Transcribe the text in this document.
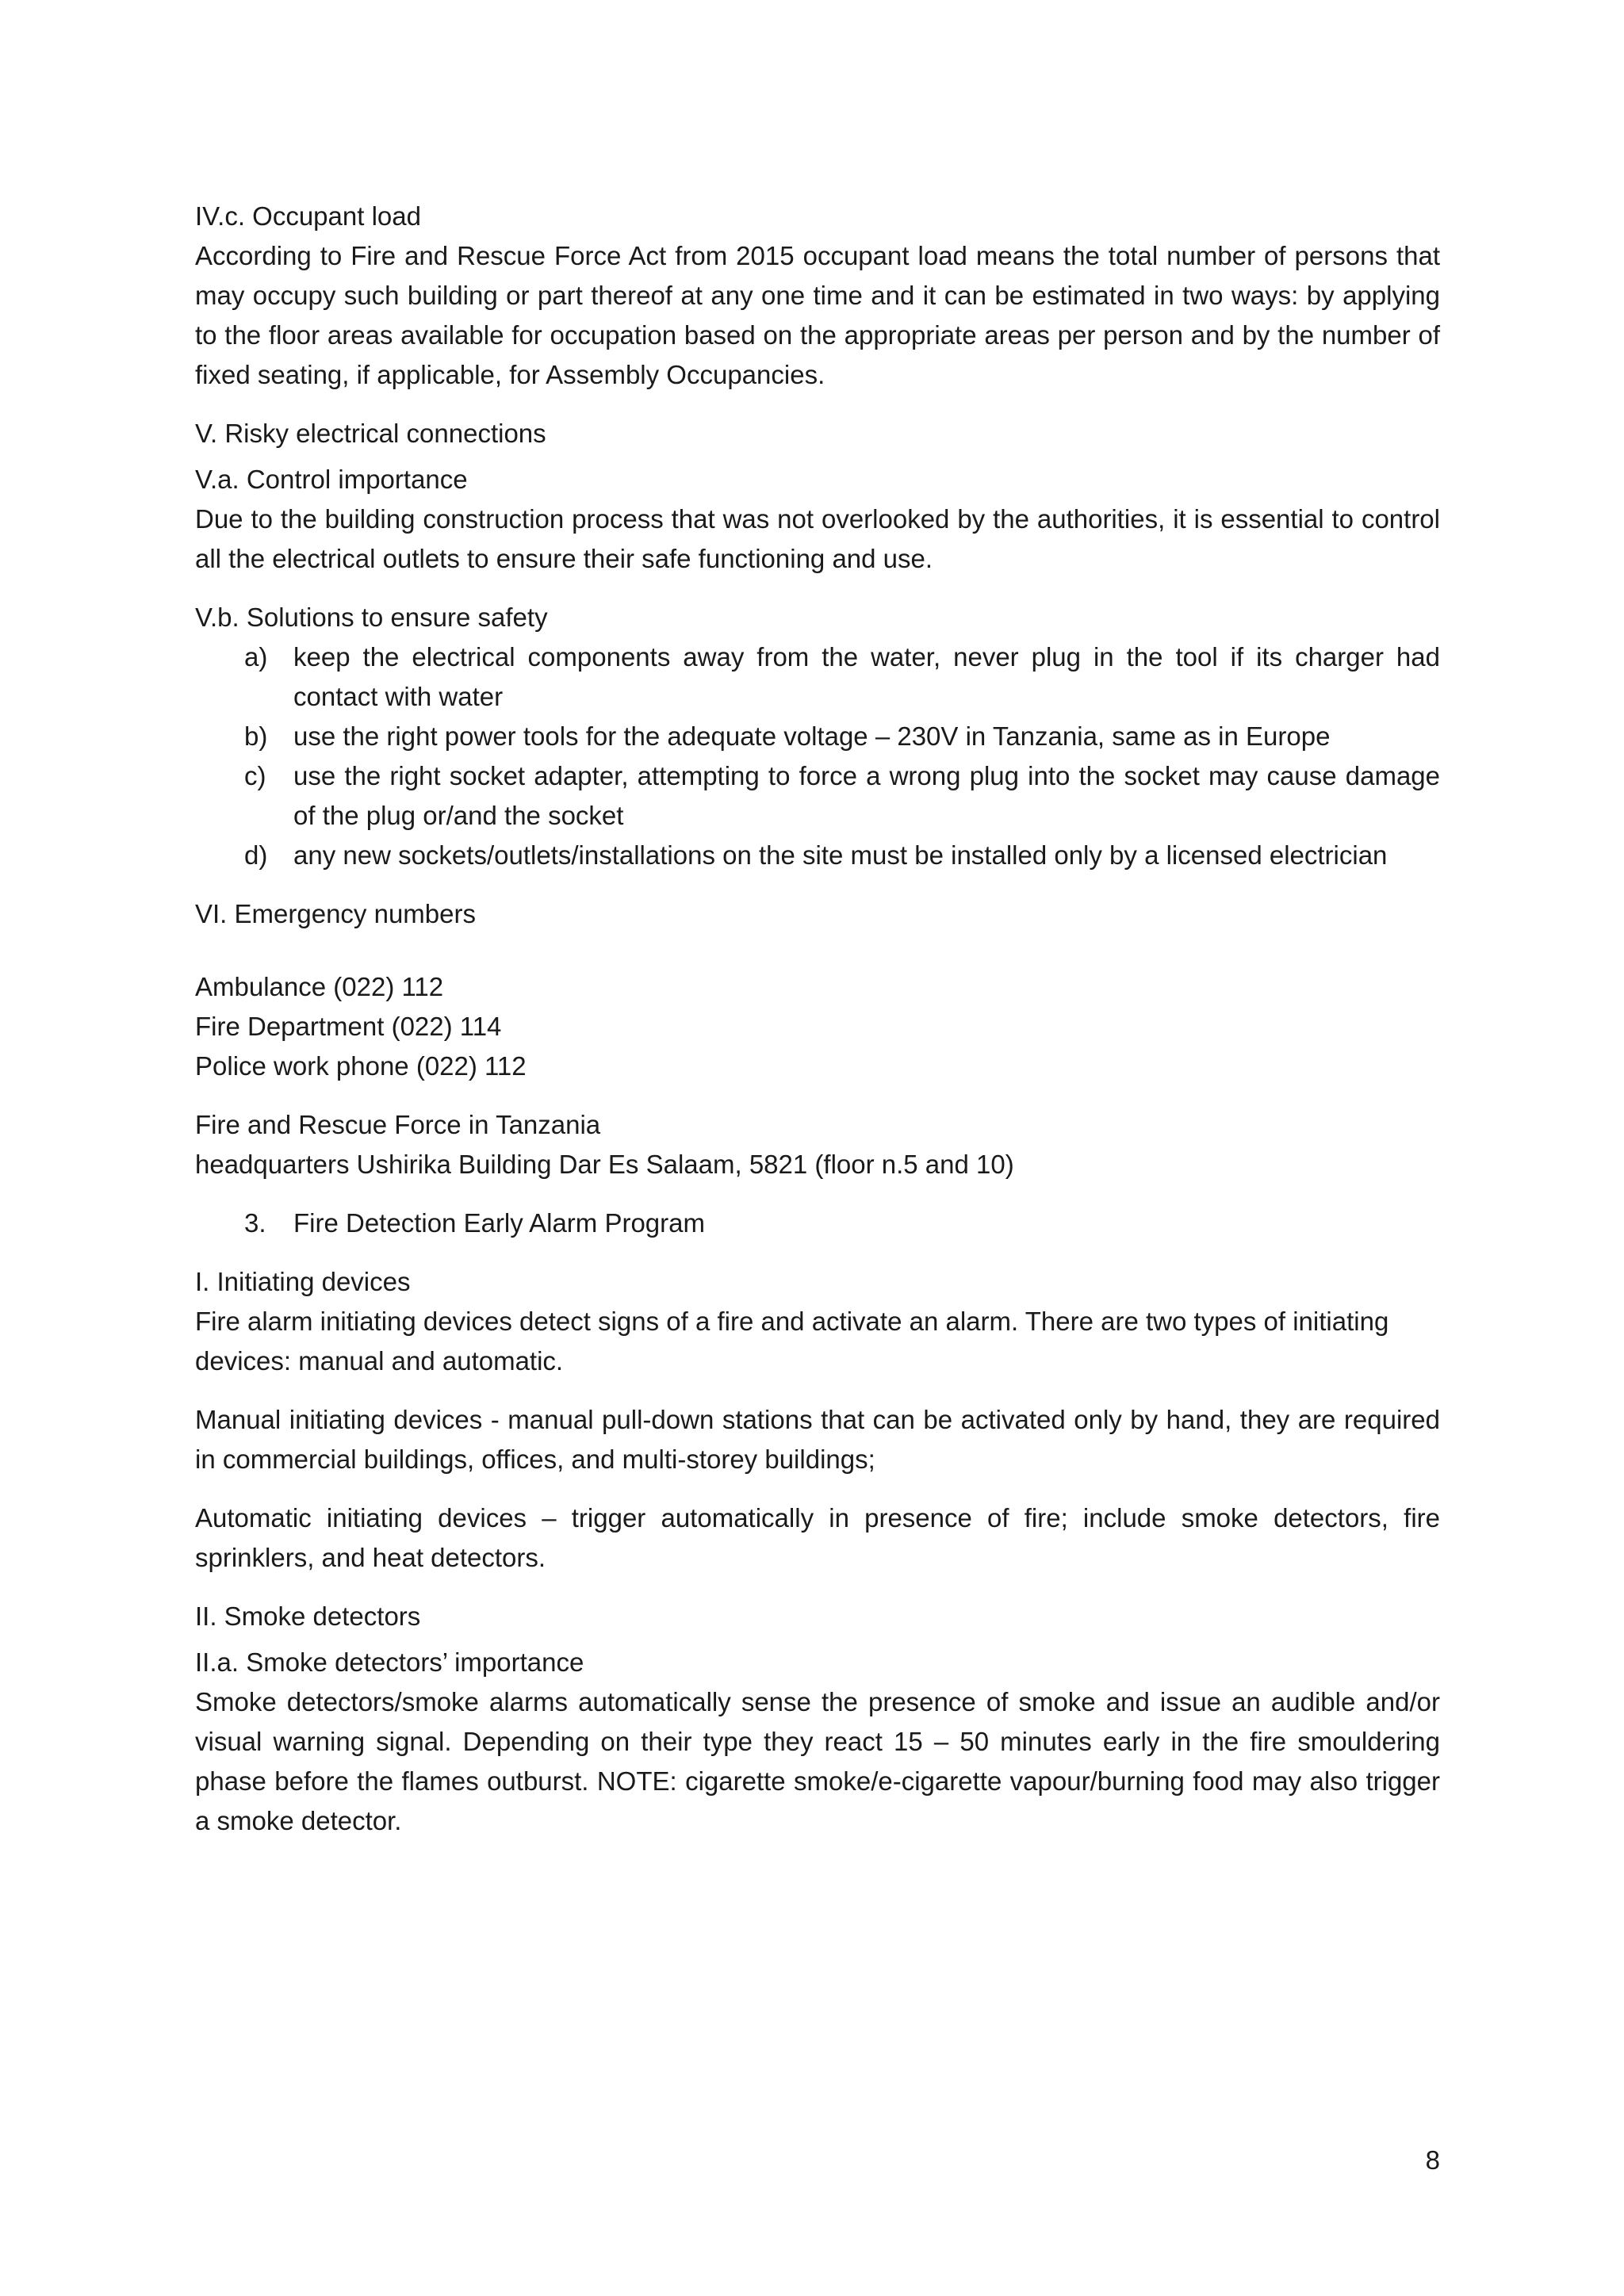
IV.c. Occupant load

According to Fire and Rescue Force Act from 2015 occupant load means the total number of persons that may occupy such building or part thereof at any one time and it can be estimated in two ways: by applying to the floor areas available for occupation based on the appropriate areas per person and by the number of fixed seating, if applicable, for Assembly Occupancies.

V. Risky electrical connections

V.a. Control importance

Due to the building construction process that was not overlooked by the authorities, it is essential to control all the electrical outlets to ensure their safe functioning and use.

V.b. Solutions to ensure safety

a) keep the electrical components away from the water, never plug in the tool if its charger had contact with water
b) use the right power tools for the adequate voltage – 230V in Tanzania, same as in Europe
c) use the right socket adapter, attempting to force a wrong plug into the socket may cause damage of the plug or/and the socket
d) any new sockets/outlets/installations on the site must be installed only by a licensed electrician

VI. Emergency numbers

Ambulance (022) 112

Fire Department (022) 114

Police work phone (022) 112

Fire and Rescue Force in Tanzania

headquarters Ushirika Building Dar Es Salaam, 5821 (floor n.5 and 10)

3. Fire Detection Early Alarm Program

I. Initiating devices

Fire alarm initiating devices detect signs of a fire and activate an alarm. There are two types of initiating devices: manual and automatic.

Manual initiating devices - manual pull-down stations that can be activated only by hand, they are required in commercial buildings, offices, and multi-storey buildings;

Automatic initiating devices – trigger automatically in presence of fire; include smoke detectors, fire sprinklers, and heat detectors.

II. Smoke detectors

II.a. Smoke detectors’ importance

Smoke detectors/smoke alarms automatically sense the presence of smoke and issue an audible and/or visual warning signal. Depending on their type they react 15 – 50 minutes early in the fire smouldering phase before the flames outburst. NOTE: cigarette smoke/e-cigarette vapour/burning food may also trigger a smoke detector.

8
